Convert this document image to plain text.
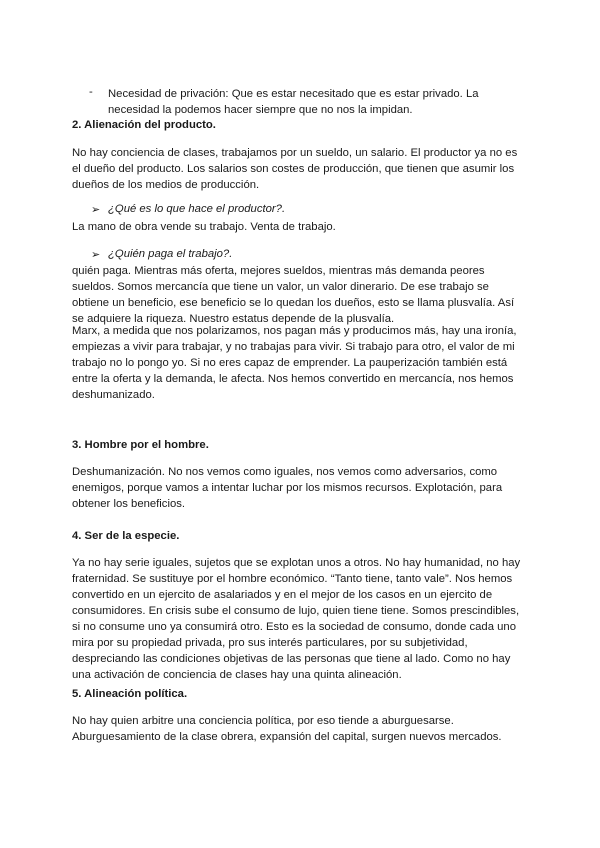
- Necesidad de privación: Que es estar necesitado que es estar privado. La necesidad la podemos hacer siempre que no nos la impidan.

2. Alienación del producto.

No hay conciencia de clases, trabajamos por un sueldo, un salario. El productor ya no es el dueño del producto. Los salarios son costes de producción, que tienen que asumir los dueños de los medios de producción.

➢ ¿Qué es lo que hace el productor?.

La mano de obra vende su trabajo. Venta de trabajo.

➢ ¿Quién paga el trabajo?.

quién paga. Mientras más oferta, mejores sueldos, mientras más demanda peores sueldos. Somos mercancía que tiene un valor, un valor dinerario. De ese trabajo se obtiene un beneficio, ese beneficio se lo quedan los dueños, esto se llama plusvalía. Así se adquiere la riqueza. Nuestro estatus depende de la plusvalía.

Marx, a medida que nos polarizamos, nos pagan más y producimos más, hay una ironía, empiezas a vivir para trabajar, y no trabajas para vivir. Si trabajo para otro, el valor de mi trabajo no lo pongo yo. Si no eres capaz de emprender. La pauperización también está entre la oferta y la demanda, le afecta. Nos hemos convertido en mercancía, nos hemos deshumanizado.

3. Hombre por el hombre.

Deshumanización. No nos vemos como iguales, nos vemos como adversarios, como enemigos, porque vamos a intentar luchar por los mismos recursos. Explotación, para obtener los beneficios.

4. Ser de la especie.

Ya no hay serie iguales, sujetos que se explotan unos a otros. No hay humanidad, no hay fraternidad. Se sustituye por el hombre económico. “Tanto tiene, tanto vale”. Nos hemos convertido en un ejercito de asalariados y en el mejor de los casos en un ejercito de consumidores. En crisis sube el consumo de lujo, quien tiene tiene. Somos prescindibles, si no consume uno ya consumirá otro. Esto es la sociedad de consumo, donde cada uno mira por su propiedad privada, pro sus interés particulares, por su subjetividad, despreciando las condiciones objetivas de las personas que tiene al lado. Como no hay una activación de conciencia de clases hay una quinta alineación.

5. Alineación política.

No hay quien arbitre una conciencia política, por eso tiende a aburguesarse. Aburguesamiento de la clase obrera, expansión del capital, surgen nuevos mercados.
